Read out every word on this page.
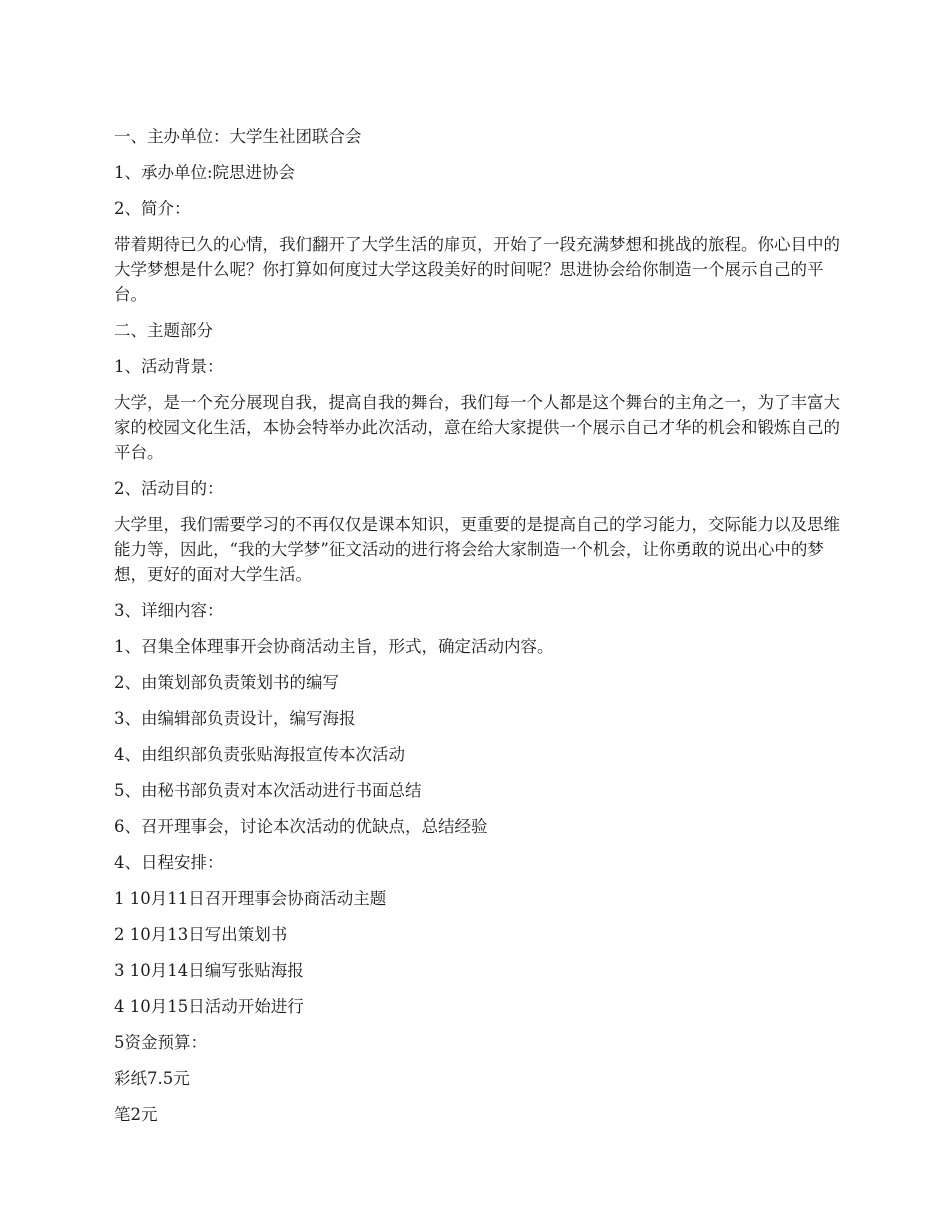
一、主办单位：大学生社团联合会

1、承办单位:院思进协会

2、简介：

带着期待已久的心情，我们翻开了大学生活的扉页，开始了一段充满梦想和挑战的旅程。你心目中的大学梦想是什么呢？你打算如何度过大学这段美好的时间呢？思进协会给你制造一个展示自己的平台。

二、主题部分

1、活动背景：

大学，是一个充分展现自我，提高自我的舞台，我们每一个人都是这个舞台的主角之一，为了丰富大家的校园文化生活，本协会特举办此次活动，意在给大家提供一个展示自己才华的机会和锻炼自己的平台。

2、活动目的：

大学里，我们需要学习的不再仅仅是课本知识，更重要的是提高自己的学习能力，交际能力以及思维能力等，因此，“我的大学梦”征文活动的进行将会给大家制造一个机会，让你勇敢的说出心中的梦想，更好的面对大学生活。

3、详细内容：

1、召集全体理事开会协商活动主旨，形式，确定活动内容。

2、由策划部负责策划书的编写

3、由编辑部负责设计，编写海报

4、由组织部负责张贴海报宣传本次活动

5、由秘书部负责对本次活动进行书面总结

6、召开理事会，讨论本次活动的优缺点，总结经验

4、日程安排：

1 10月11日召开理事会协商活动主题

2 10月13日写出策划书

3 10月14日编写张贴海报

4 10月15日活动开始进行

5资金预算：

彩纸7.5元

笔2元
